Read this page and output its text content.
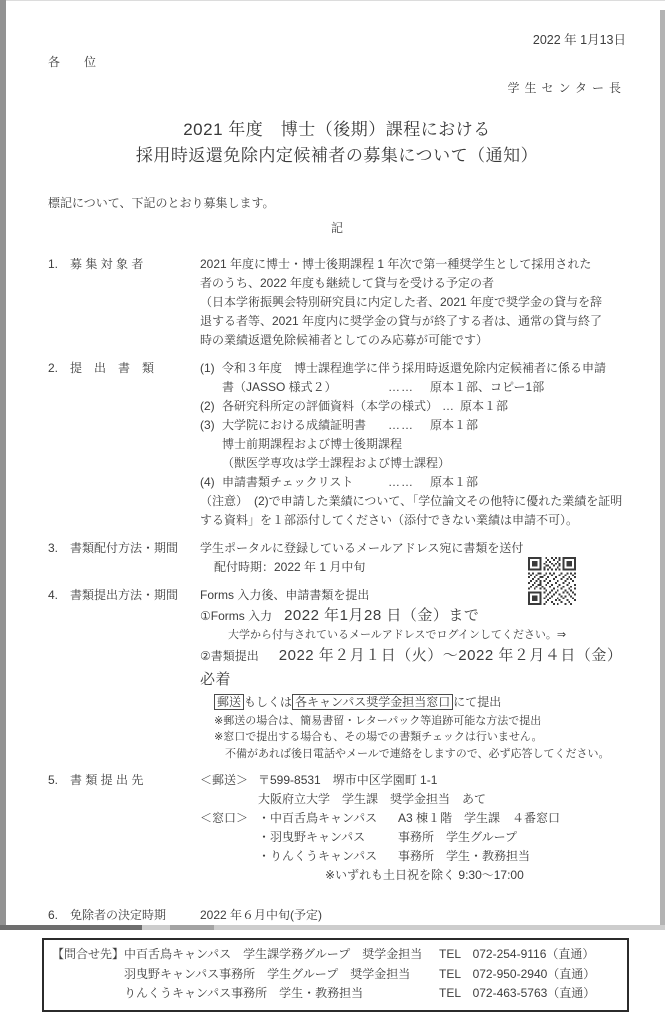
2022 年 1月13日
各　　位
学生センター長
2021 年度　博士（後期）課程における
採用時返還免除内定候補者の募集について（通知）
標記について、下記のとおり募集します。
記
1.　募 集 対 象 者	2021 年度に博士・博士後期課程 1 年次で第一種奨学生として採用された
者のうち、2022 年度も継続して貸与を受ける予定の者
（日本学術振興会特別研究員に内定した者、2021 年度で奨学金の貸与を辞
退する者等、2021 年度内に奨学金の貸与が終了する者は、通常の貸与終了
時の業績返還免除候補者としてのみ応募が可能です）
2.　提　出　書　類	(1) 令和３年度　博士課程進学に伴う採用時返還免除内定候補者に係る申請
書（JASSO 様式２）	…… 原本１部、コピー1部
(2) 各研究科所定の評価資料（本学の様式） … 原本１部
(3) 大学院における成績証明書 …… 原本１部
博士前期課程および博士後期課程
（獣医学専攻は学士課程および博士課程）
(4) 申請書類チェックリスト	…… 原本１部
（注意）　(2)で申請した業績について、「学位論文その他特に優れた業績を証明
する資料」を１部添付してください（添付できない業績は申請不可）。
3.　書類配付方法・期間	学生ポータルに登録しているメールアドレス宛に書類を送付
配付時期：2022 年 1 月中旬
4.　書類提出方法・期間	Forms 入力後、申請書類を提出
①Forms 入力 2022 年1月28 日（金）まで
大学から付与されているメールアドレスでログインしてください。⇒
②書類提出 2022 年２月１日（火）～2022 年２月４日（金）必着
郵送 もしくは 各キャンパス奨学金担当窓口 にて提出
※郵送の場合は、簡易書留・レターパック等追跡可能な方法で提出
※窓口で提出する場合も、その場での書類チェックは行いません。
不備があれば後日電話やメールで連絡をしますので、必ず応答してください。
5.　書 類 提 出 先	＜郵送＞ 〒599-8531　堺市中区学園町 1-1
大阪府立大学　学生課　奨学金担当　あて
＜窓口＞ ・中百舌鳥キャンパス	A3 棟１階　学生課　４番窓口
・羽曳野キャンパス	事務所　学生グループ
・りんくうキャンパス	事務所　学生・教務担当
※いずれも土日祝を除く 9:30～17:00
6.　免除者の決定時期	2022 年６月中旬(予定)
【問合せ先】中百舌鳥キャンパス　学生課学務グループ　奨学金担当	TEL　072-254-9116（直通）
羽曳野キャンパス事務所　学生グループ　奨学金担当	TEL　072-950-2940（直通）
りんくうキャンパス事務所　学生・教務担当	TEL　072-463-5763（直通）
